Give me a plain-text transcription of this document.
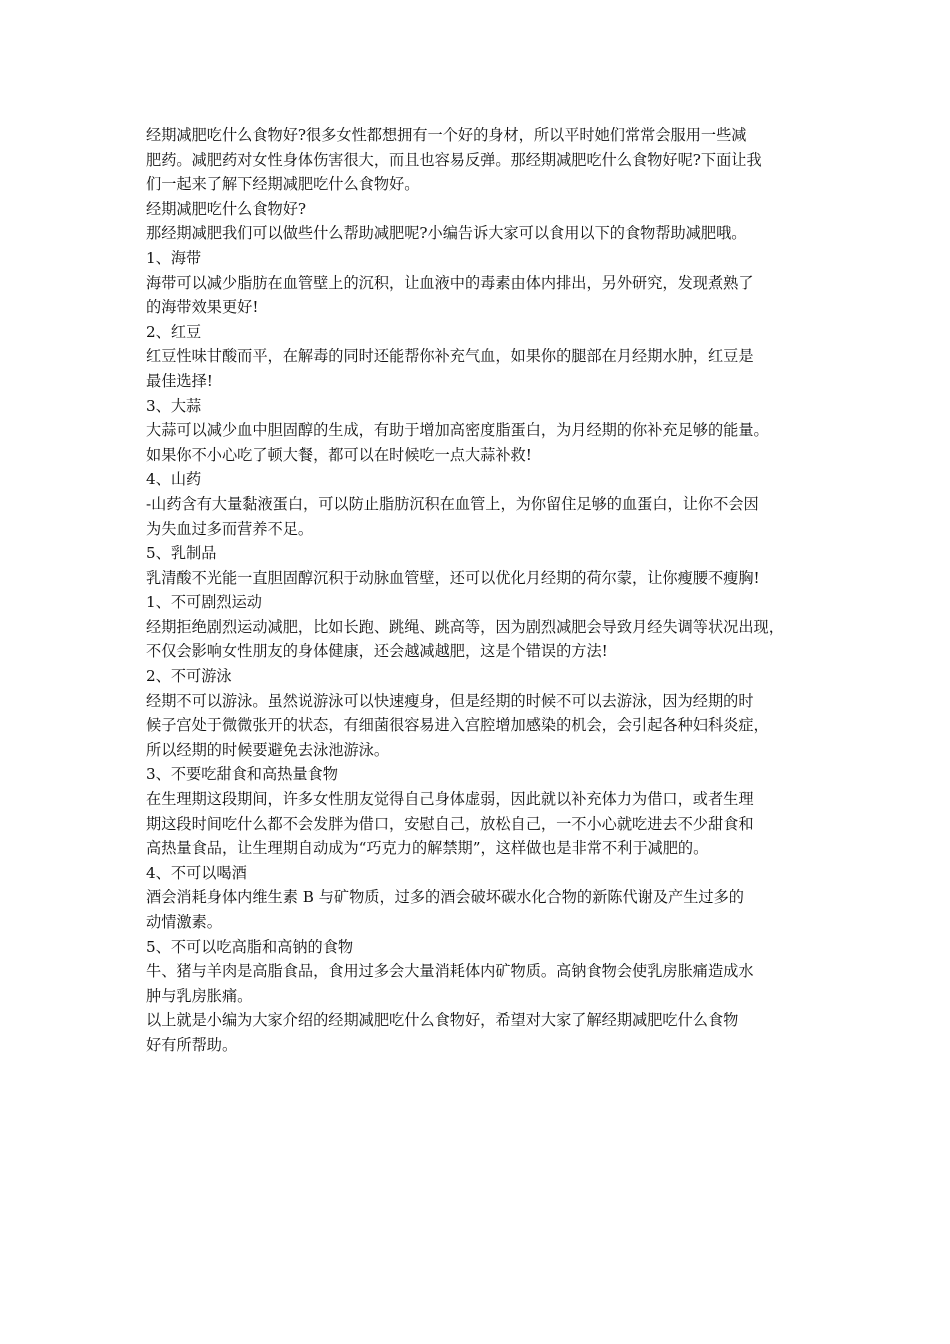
经期减肥吃什么食物好?很多女性都想拥有一个好的身材，所以平时她们常常会服用一些减

肥药。减肥药对女性身体伤害很大，而且也容易反弹。那经期减肥吃什么食物好呢?下面让我

们一起来了解下经期减肥吃什么食物好。

经期减肥吃什么食物好?

那经期减肥我们可以做些什么帮助减肥呢?小编告诉大家可以食用以下的食物帮助减肥哦。

1、海带

海带可以减少脂肪在血管壁上的沉积，让血液中的毒素由体内排出，另外研究，发现煮熟了

的海带效果更好!

2、红豆

红豆性味甘酸而平，在解毒的同时还能帮你补充气血，如果你的腿部在月经期水肿，红豆是

最佳选择!

3、大蒜

大蒜可以减少血中胆固醇的生成，有助于增加高密度脂蛋白，为月经期的你补充足够的能量。

如果你不小心吃了顿大餐，都可以在时候吃一点大蒜补救!

4、山药

-山药含有大量黏液蛋白，可以防止脂肪沉积在血管上，为你留住足够的血蛋白，让你不会因

为失血过多而营养不足。

5、乳制品

乳清酸不光能一直胆固醇沉积于动脉血管壁，还可以优化月经期的荷尔蒙，让你瘦腰不瘦胸!

1、不可剧烈运动

经期拒绝剧烈运动减肥，比如长跑、跳绳、跳高等，因为剧烈减肥会导致月经失调等状况出现，

不仅会影响女性朋友的身体健康，还会越减越肥，这是个错误的方法!

2、不可游泳

经期不可以游泳。虽然说游泳可以快速瘦身，但是经期的时候不可以去游泳，因为经期的时

候子宫处于微微张开的状态，有细菌很容易进入宫腔增加感染的机会，会引起各种妇科炎症，

所以经期的时候要避免去泳池游泳。

3、不要吃甜食和高热量食物

在生理期这段期间，许多女性朋友觉得自己身体虚弱，因此就以补充体力为借口，或者生理

期这段时间吃什么都不会发胖为借口，安慰自己，放松自己，一不小心就吃进去不少甜食和

高热量食品，让生理期自动成为“巧克力的解禁期”，这样做也是非常不利于减肥的。

4、不可以喝酒

酒会消耗身体内维生素 B 与矿物质，过多的酒会破坏碳水化合物的新陈代谢及产生过多的

动情激素。

5、不可以吃高脂和高钠的食物

牛、猪与羊肉是高脂食品，食用过多会大量消耗体内矿物质。高钠食物会使乳房胀痛造成水

肿与乳房胀痛。

以上就是小编为大家介绍的经期减肥吃什么食物好，希望对大家了解经期减肥吃什么食物

好有所帮助。
